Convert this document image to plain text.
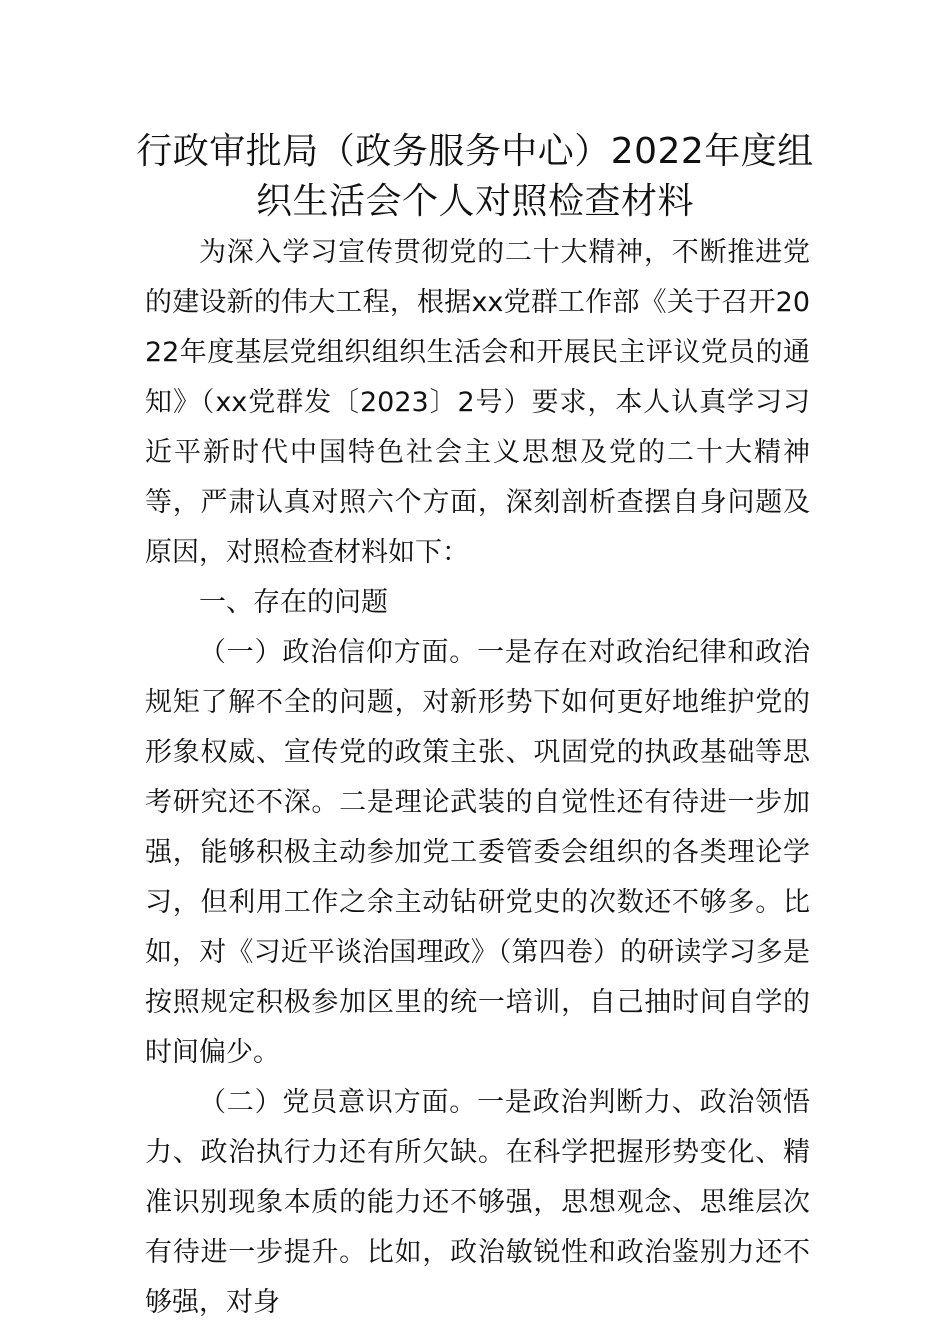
行政审批局（政务服务中心）2022年度组
织生活会个人对照检查材料

为深入学习宣传贯彻党的二十大精神，不断推进党的建设新的伟大工程，根据xx党群工作部《关于召开2022年度基层党组织组织生活会和开展民主评议党员的通知》（xx党群发〔2023〕2号）要求，本人认真学习习近平新时代中国特色社会主义思想及党的二十大精神等，严肃认真对照六个方面，深刻剖析查摆自身问题及原因，对照检查材料如下：

一、存在的问题

（一）政治信仰方面。一是存在对政治纪律和政治规矩了解不全的问题，对新形势下如何更好地维护党的形象权威、宣传党的政策主张、巩固党的执政基础等思考研究还不深。二是理论武装的自觉性还有待进一步加强，能够积极主动参加党工委管委会组织的各类理论学习，但利用工作之余主动钻研党史的次数还不够多。比如，对《习近平谈治国理政》（第四卷）的研读学习多是按照规定积极参加区里的统一培训，自己抽时间自学的时间偏少。

（二）党员意识方面。一是政治判断力、政治领悟力、政治执行力还有所欠缺。在科学把握形势变化、精准识别现象本质的能力还不够强，思想观念、思维层次有待进一步提升。比如，政治敏锐性和政治鉴别力还不够强，对身
